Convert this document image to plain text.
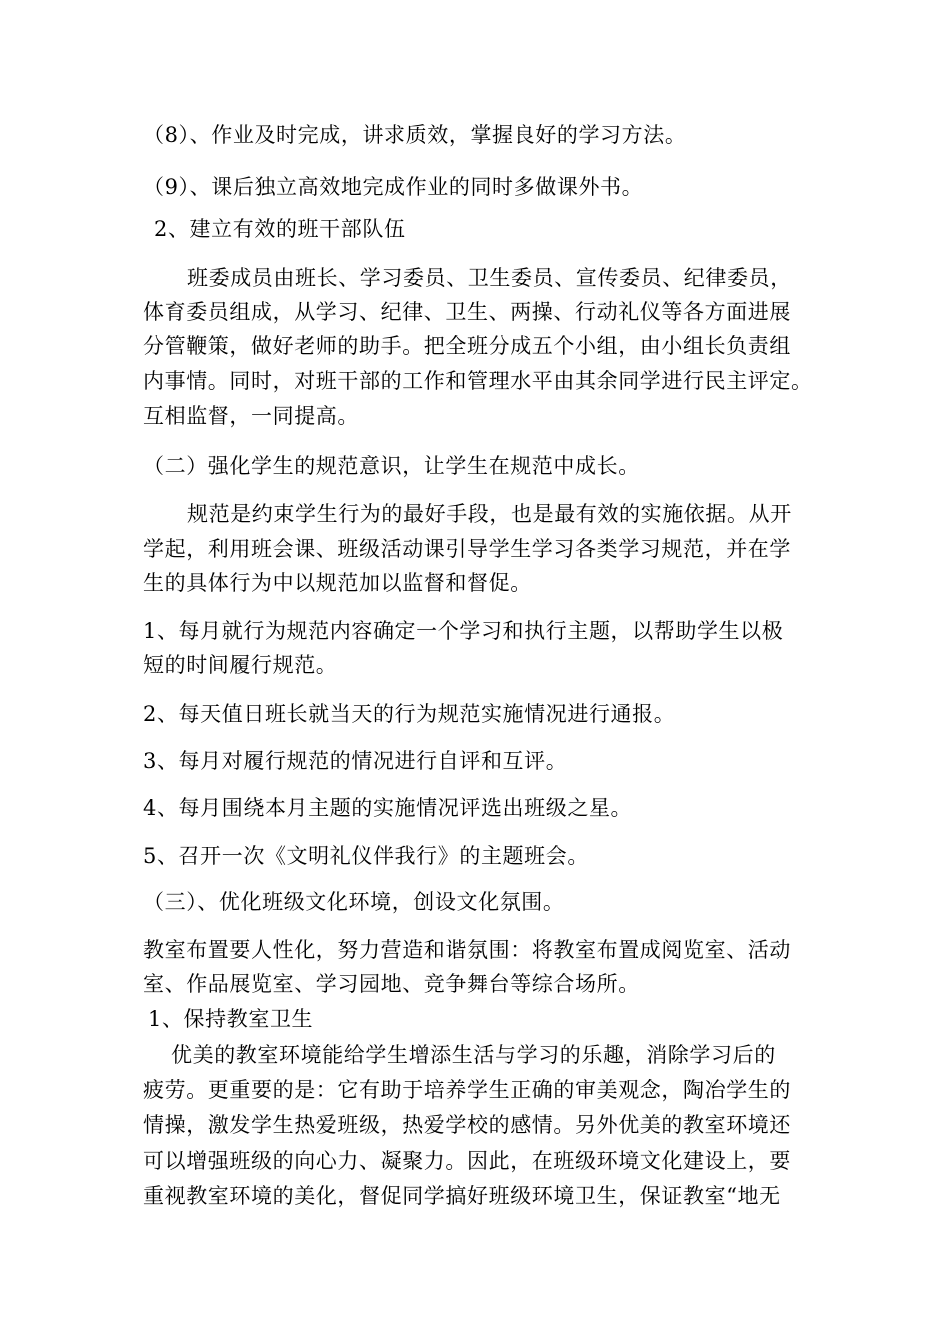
（8）、作业及时完成，讲求质效，掌握良好的学习方法。
（9）、课后独立高效地完成作业的同时多做课外书。
2、建立有效的班干部队伍
班委成员由班长、学习委员、卫生委员、宣传委员、纪律委员，
体育委员组成，从学习、纪律、卫生、两操、行动礼仪等各方面进展
分管鞭策，做好老师的助手。把全班分成五个小组，由小组长负责组
内事情。同时，对班干部的工作和管理水平由其余同学进行民主评定。
互相监督，一同提高。
（二）强化学生的规范意识，让学生在规范中成长。
规范是约束学生行为的最好手段，也是最有效的实施依据。从开
学起，利用班会课、班级活动课引导学生学习各类学习规范，并在学
生的具体行为中以规范加以监督和督促。
1、每月就行为规范内容确定一个学习和执行主题，以帮助学生以极
短的时间履行规范。
2、每天值日班长就当天的行为规范实施情况进行通报。
3、每月对履行规范的情况进行自评和互评。
4、每月围绕本月主题的实施情况评选出班级之星。
5、召开一次《文明礼仪伴我行》的主题班会。
（三）、优化班级文化环境，创设文化氛围。
教室布置要人性化，努力营造和谐氛围：将教室布置成阅览室、活动
室、作品展览室、学习园地、竞争舞台等综合场所。
1、保持教室卫生
优美的教室环境能给学生增添生活与学习的乐趣，消除学习后的
疲劳。更重要的是：它有助于培养学生正确的审美观念，陶冶学生的
情操，激发学生热爱班级，热爱学校的感情。另外优美的教室环境还
可以增强班级的向心力、凝聚力。因此，在班级环境文化建设上，要
重视教室环境的美化，督促同学搞好班级环境卫生，保证教室“地无
